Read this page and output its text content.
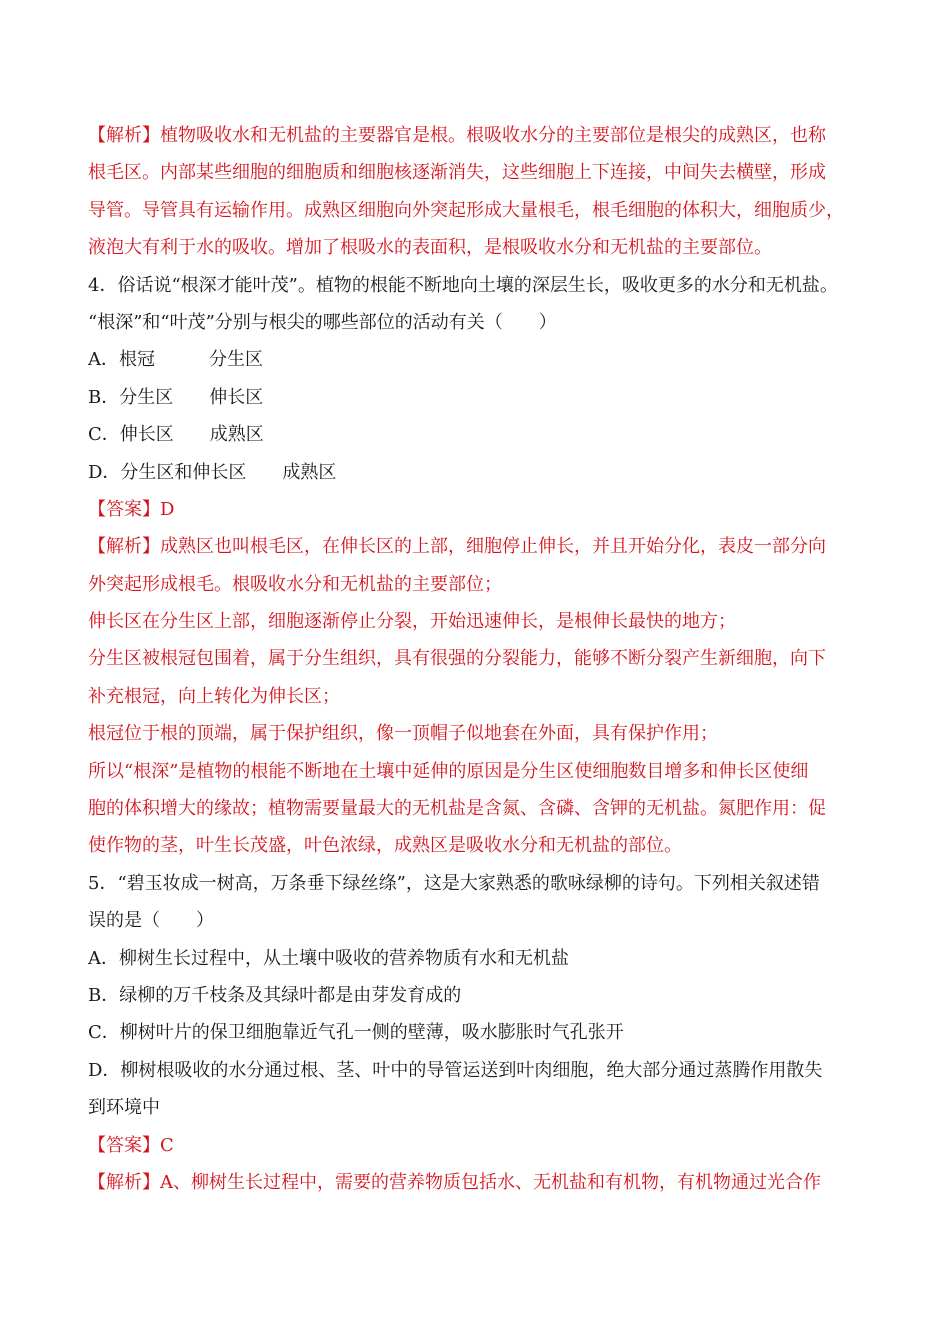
【解析】植物吸收水和无机盐的主要器官是根。根吸收水分的主要部位是根尖的成熟区，也称
根毛区。内部某些细胞的细胞质和细胞核逐渐消失，这些细胞上下连接，中间失去横壁，形成
导管。导管具有运输作用。成熟区细胞向外突起形成大量根毛，根毛细胞的体积大，细胞质少，
液泡大有利于水的吸收。增加了根吸水的表面积，是根吸收水分和无机盐的主要部位。
4．俗话说“根深才能叶茂”。植物的根能不断地向土壤的深层生长，吸收更多的水分和无机盐。
“根深”和“叶茂”分别与根尖的哪些部位的活动有关（　　）
A．根冠　　　分生区
B．分生区　　伸长区
C．伸长区　　成熟区
D．分生区和伸长区　　成熟区
【答案】D
【解析】成熟区也叫根毛区，在伸长区的上部，细胞停止伸长，并且开始分化，表皮一部分向
外突起形成根毛。根吸收水分和无机盐的主要部位；
伸长区在分生区上部，细胞逐渐停止分裂，开始迅速伸长，是根伸长最快的地方；
分生区被根冠包围着，属于分生组织，具有很强的分裂能力，能够不断分裂产生新细胞，向下
补充根冠，向上转化为伸长区；
根冠位于根的顶端，属于保护组织，像一顶帽子似地套在外面，具有保护作用；
所以“根深”是植物的根能不断地在土壤中延伸的原因是分生区使细胞数目增多和伸长区使细
胞的体积增大的缘故；植物需要量最大的无机盐是含氮、含磷、含钾的无机盐。氮肥作用：促
使作物的茎，叶生长茂盛，叶色浓绿，成熟区是吸收水分和无机盐的部位。
5．“碧玉妆成一树高，万条垂下绿丝绦”，这是大家熟悉的歌咏绿柳的诗句。下列相关叙述错
误的是（　　）
A．柳树生长过程中，从土壤中吸收的营养物质有水和无机盐
B．绿柳的万千枝条及其绿叶都是由芽发育成的
C．柳树叶片的保卫细胞靠近气孔一侧的壁薄，吸水膨胀时气孔张开
D．柳树根吸收的水分通过根、茎、叶中的导管运送到叶肉细胞，绝大部分通过蒸腾作用散失
到环境中
【答案】C
【解析】A、柳树生长过程中，需要的营养物质包括水、无机盐和有机物，有机物通过光合作
